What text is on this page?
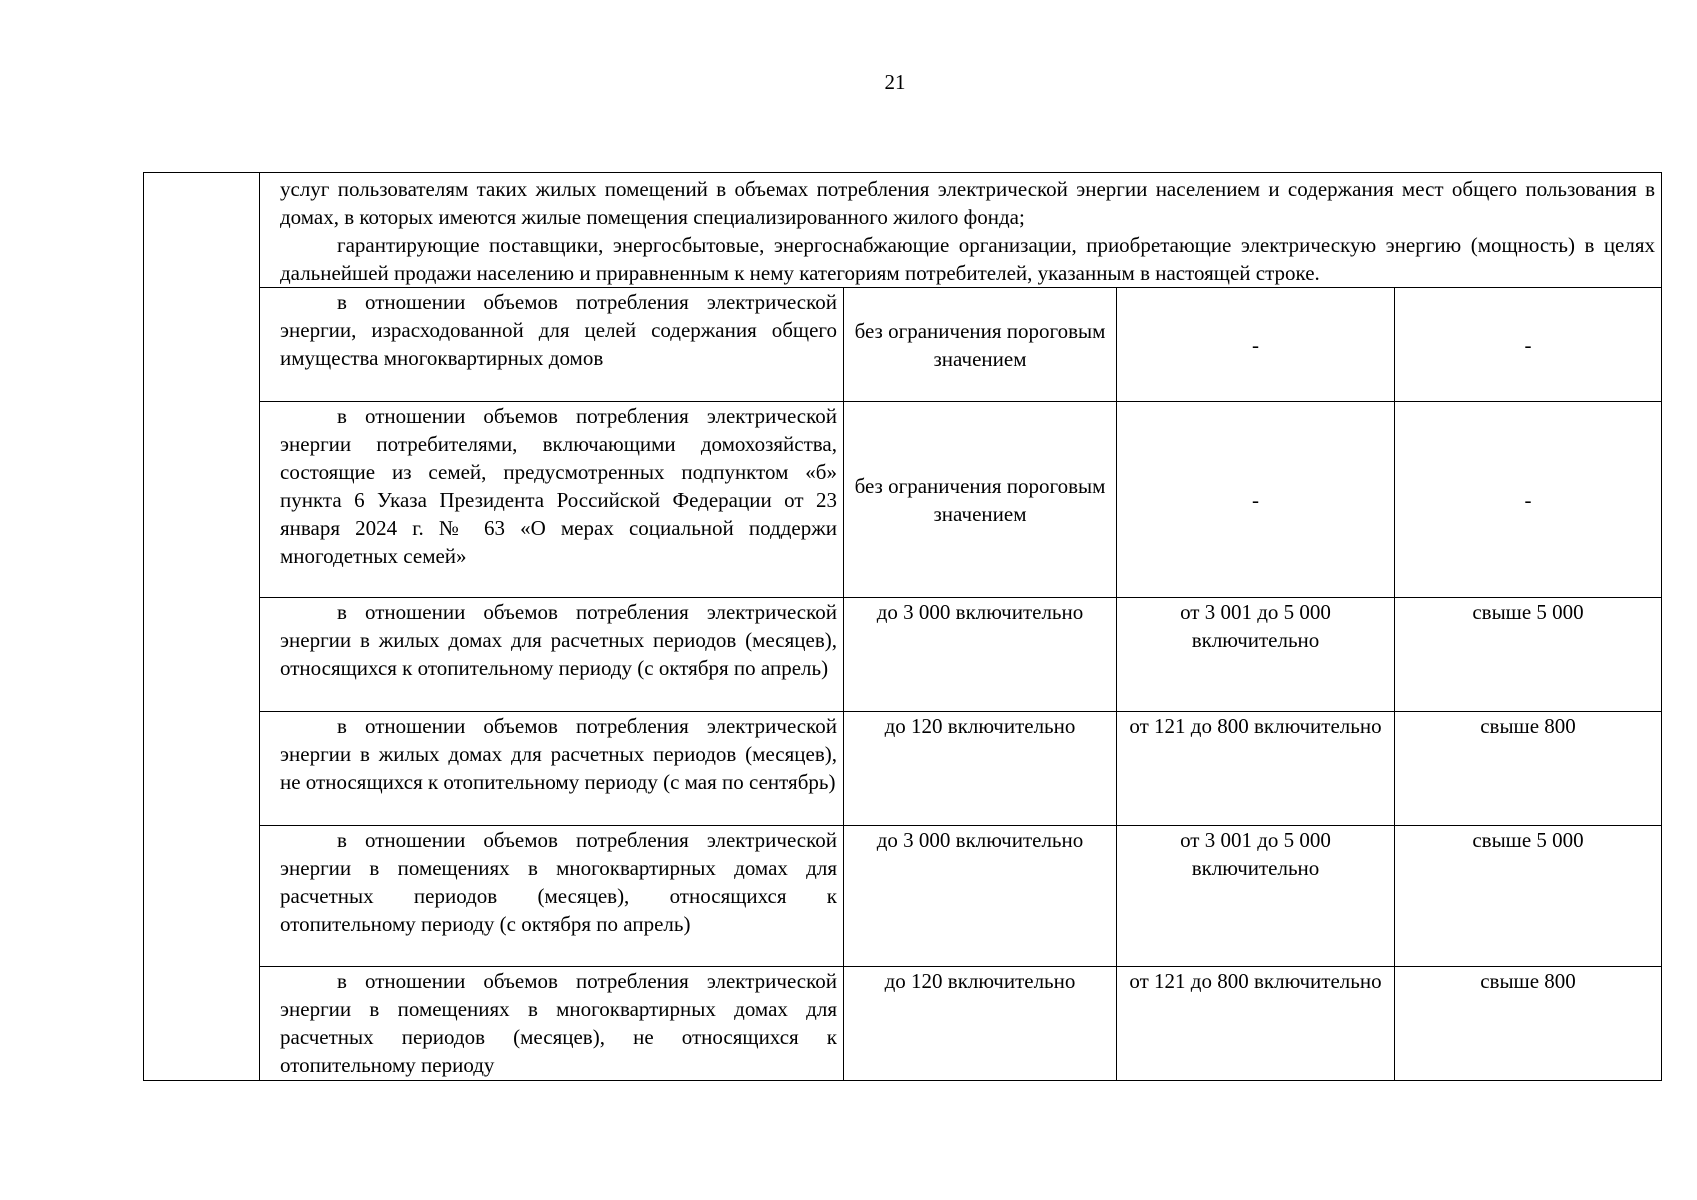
21

	услуг пользователям таких жилых помещений в объемах потребления электрической энергии населением и содержания мест общего пользования в домах, в которых имеются жилые помещения специализированного жилого фонда;

гарантирующие поставщики, энергосбытовые, энергоснабжающие организации, приобретающие электрическую энергию (мощность) в целях дальнейшей продажи населению и приравненным к нему категориям потребителей, указанным в настоящей строке.			

	в отношении объемов потребления электрической энергии, израсходованной для целей содержания общего имущества многоквартирных домов	без ограничения пороговым значением	-	-

	в отношении объемов потребления электрической энергии потребителями, включающими домохозяйства, состоящие из семей, предусмотренных подпунктом «б» пункта 6 Указа Президента Российской Федерации от 23 января 2024 г. № 63 «О мерах социальной поддержи многодетных семей»	без ограничения пороговым значением	-	-

	в отношении объемов потребления электрической энергии в жилых домах для расчетных периодов (месяцев), относящихся к отопительному периоду (с октября по апрель)	до 3 000 включительно	от 3 001 до 5 000 включительно	свыше 5 000

	в отношении объемов потребления электрической энергии в жилых домах для расчетных периодов (месяцев), не относящихся к отопительному периоду (с мая по сентябрь)	до 120 включительно	от 121 до 800 включительно	свыше 800

	в отношении объемов потребления электрической энергии в помещениях в многоквартирных домах для расчетных периодов (месяцев), относящихся к отопительному периоду (с октября по апрель)	до 3 000 включительно	от 3 001 до 5 000 включительно	свыше 5 000

	в отношении объемов потребления электрической энергии в помещениях в многоквартирных домах для расчетных периодов (месяцев), не относящихся к отопительному периоду	до 120 включительно	от 121 до 800 включительно	свыше 800
